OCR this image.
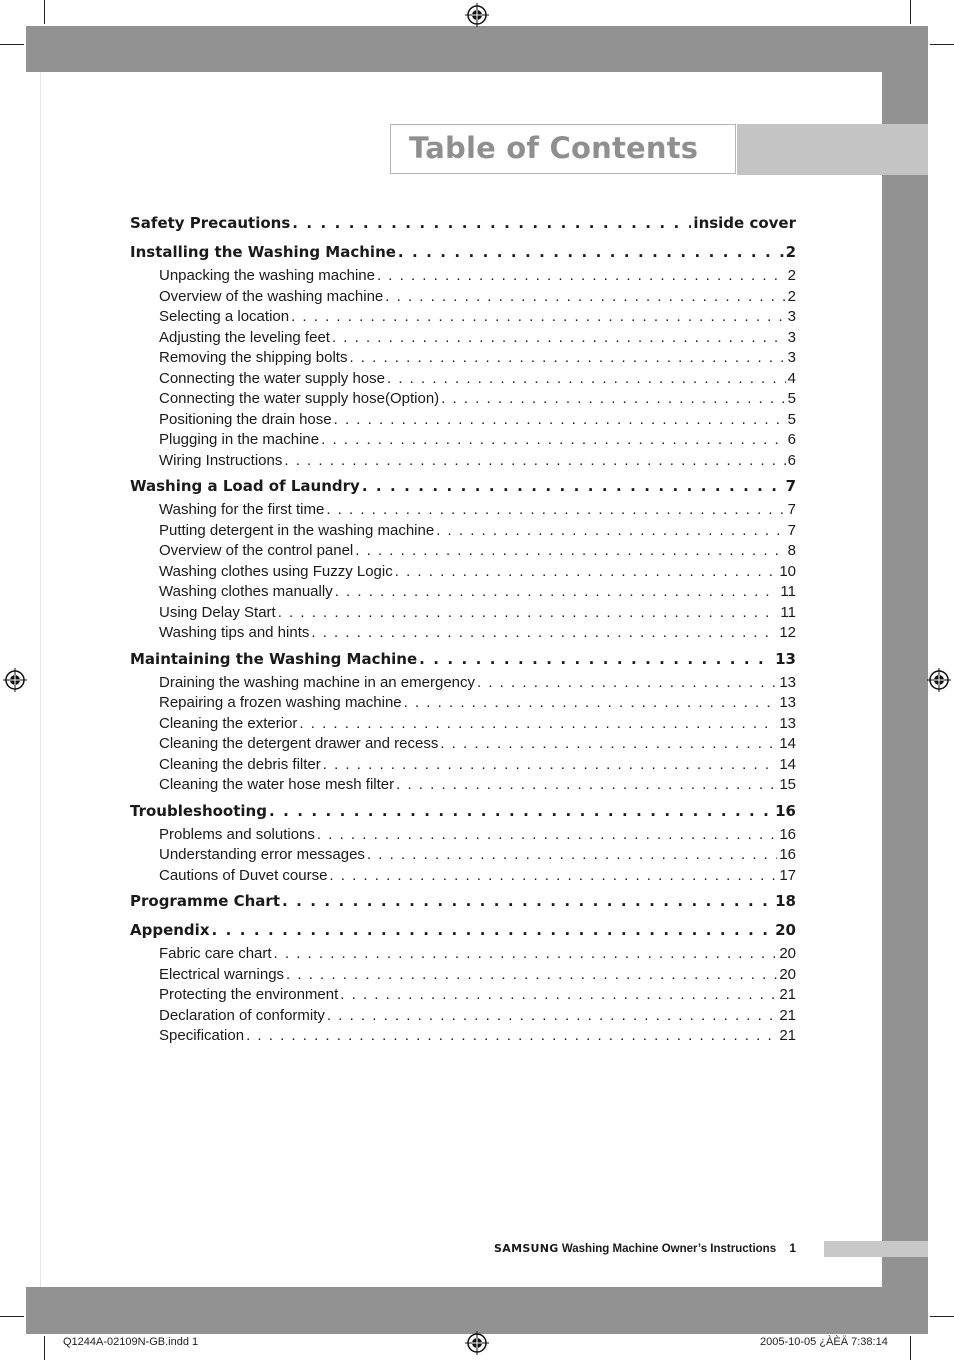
Table of Contents
Safety Precautions . . .	inside cover
Installing the Washing Machine . . .	2
Unpacking the washing machine . . .	2
Overview of the washing machine . . .	2
Selecting a location . . .	3
Adjusting the leveling feet . . .	3
Removing the shipping bolts . . .	3
Connecting the water supply hose . . .	4
Connecting the water supply hose(Option) . . .	5
Positioning the drain hose . . .	5
Plugging in the machine . . .	6
Wiring Instructions . . .	6
Washing a Load of Laundry . . .	7
Washing for the first time . . .	7
Putting detergent in the washing machine . . .	7
Overview of the control panel . . .	8
Washing clothes using Fuzzy Logic . . .	10
Washing clothes manually . . .	11
Using Delay Start . . .	11
Washing tips and hints . . .	12
Maintaining the Washing Machine . . .	13
Draining the washing machine in an emergency . . .	13
Repairing a frozen washing machine . . .	13
Cleaning the exterior . . .	13
Cleaning the detergent drawer and recess . . .	14
Cleaning the debris filter . . .	14
Cleaning the water hose mesh filter . . .	15
Troubleshooting . . .	16
Problems and solutions . . .	16
Understanding error messages . . .	16
Cautions of Duvet course . . .	17
Programme Chart . . .	18
Appendix . . .	20
Fabric care chart . . .	20
Electrical warnings . . .	20
Protecting the environment . . .	21
Declaration of conformity . . .	21
Specification . . .	21
SAMSUNG Washing Machine Owner’s Instructions 1
Q1244A-02109N-GB.indd 1	2005-10-05 ¿ÀÈÄ 7:38:14
